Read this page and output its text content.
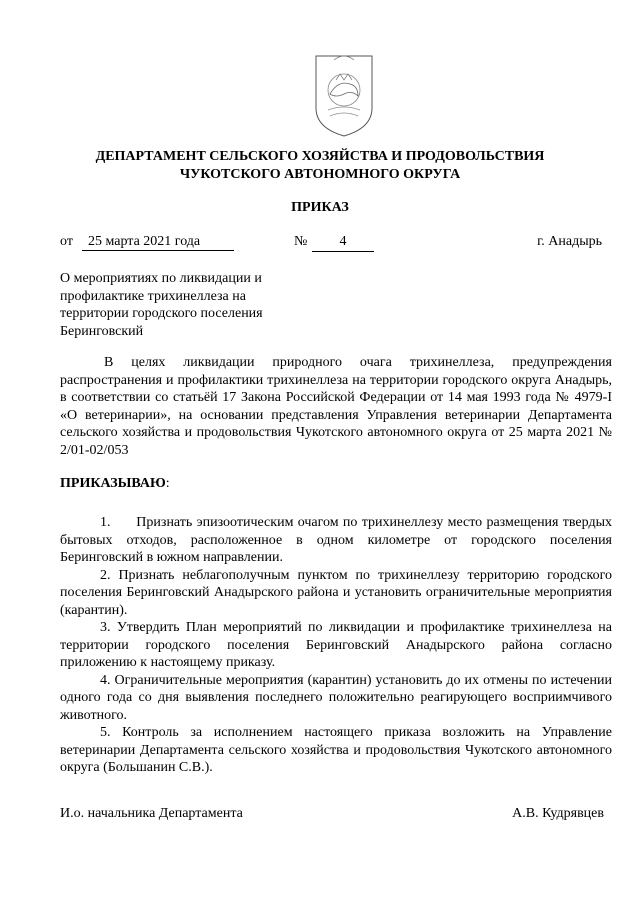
ДЕПАРТАМЕНТ СЕЛЬСКОГО ХОЗЯЙСТВА И ПРОДОВОЛЬСТВИЯ
ЧУКОТСКОГО АВТОНОМНОГО ОКРУГА
ПРИКАЗ
от	25 марта 2021 года	№	4	г. Анадырь
О мероприятиях по ликвидации и
профилактике трихинеллеза на
территории городского поселения
Беринговский
В целях ликвидации природного очага трихинеллеза, предупреждения распространения и профилактики трихинеллеза на территории городского округа Анадырь, в соответствии со статьёй 17 Закона Российской Федерации от 14 мая 1993 года № 4979-I «О ветеринарии», на основании представления Управления ветеринарии Департамента сельского хозяйства и продовольствия Чукотского автономного округа от 25 марта 2021 № 2/01-02/053
ПРИКАЗЫВАЮ:

1.      Признать эпизоотическим очагом по трихинеллезу место размещения твердых бытовых отходов, расположенное в одном километре от городского поселения Беринговский в южном направлении.

2. Признать неблагополучным пунктом по трихинеллезу территорию городского поселения Беринговский Анадырского района и установить ограничительные мероприятия (карантин).

3. Утвердить План мероприятий по ликвидации и профилактике трихинеллеза на территории городского поселения Беринговский Анадырского района согласно приложению к настоящему приказу.

4. Ограничительные мероприятия (карантин) установить до их отмены по истечении одного года со дня выявления последнего положительно реагирующего восприимчивого животного.

5. Контроль за исполнением настоящего приказа возложить на Управление ветеринарии Департамента сельского хозяйства и продовольствия Чукотского автономного округа (Большанин С.В.).

И.о. начальника Департамента	А.В. Кудрявцев
